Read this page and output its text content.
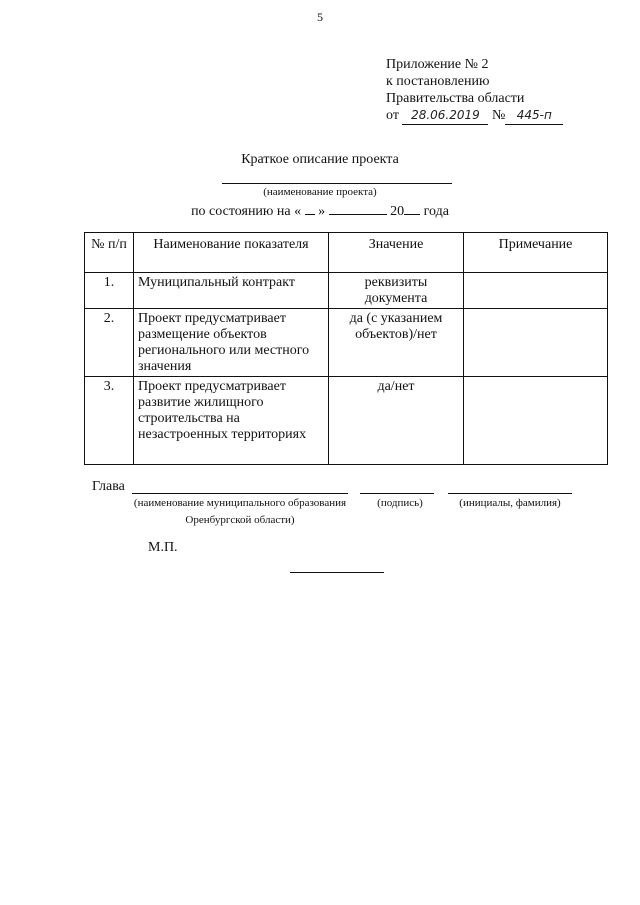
5
Приложение № 2
к постановлению
Правительства области
от 28.06.2019 № 445-п
Краткое описание проекта
(наименование проекта)
по состоянию на « »	20 года
№ п/п	Наименование показателя	Значение	Примечание
1.	Муниципальный контракт	реквизиты документа	
2.	Проект предусматривает размещение объектов регионального или местного значения	да (с указанием объектов)/нет	
3.	Проект предусматривает развитие жилищного строительства на незастроенных территориях	да/нет	
Глава
(наименование муниципального образования Оренбургской области)
(подпись)	(инициалы, фамилия)
М.П.
